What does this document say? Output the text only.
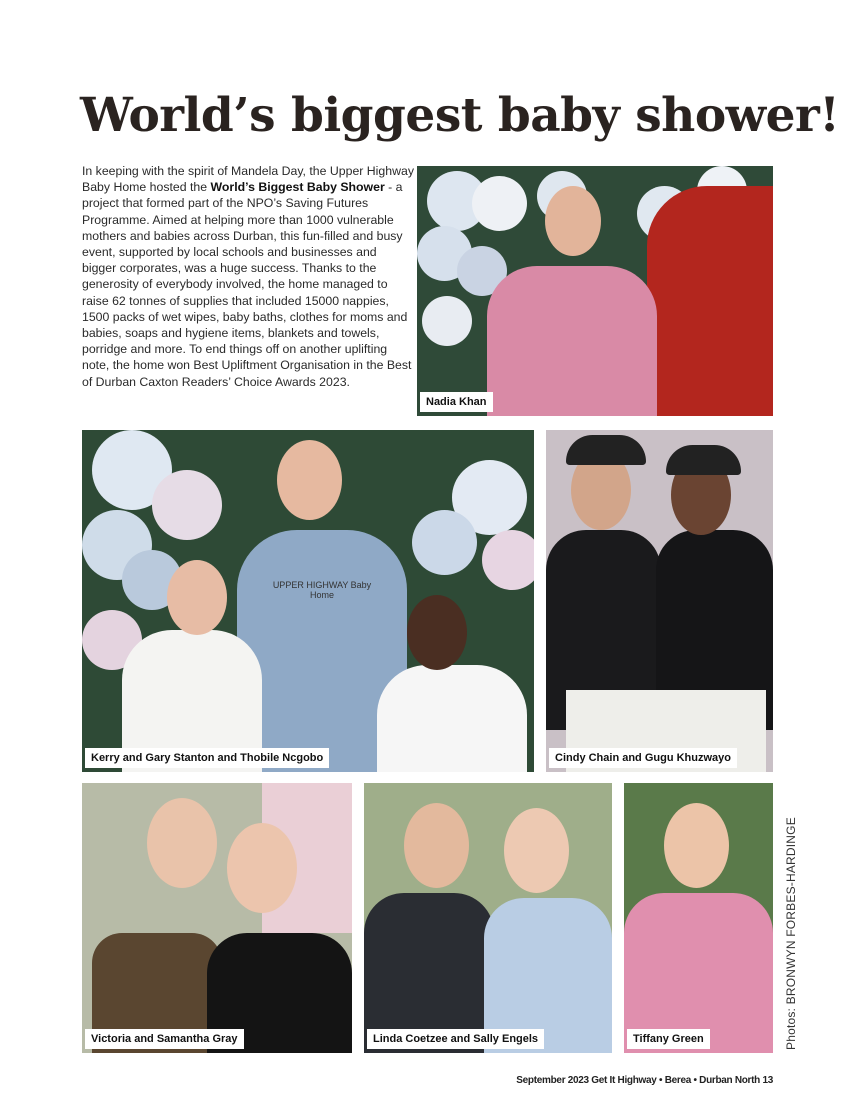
World’s biggest baby shower!

In keeping with the spirit of Mandela Day, the Upper Highway Baby Home hosted the World’s Biggest Baby Shower - a project that formed part of the NPO’s Saving Futures Programme. Aimed at helping more than 1000 vulnerable mothers and babies across Durban, this fun-filled and busy event, supported by local schools and businesses and bigger corporates, was a huge success. Thanks to the generosity of everybody involved, the home managed to raise 62 tonnes of supplies that included 15000 nappies, 1500 packs of wet wipes, baby baths, clothes for moms and babies, soaps and hygiene items, blankets and towels, porridge and more. To end things off on another uplifting note, the home won Best Upliftment Organisation in the Best of Durban Caxton Readers’ Choice Awards 2023.

Nadia Khan
UPPER HIGHWAY Baby Home
Kerry and Gary Stanton and Thobile Ncgobo	Cindy Chain and Gugu Khuzwayo
Victoria and Samantha Gray	Linda Coetzee and Sally Engels	Tiffany Green	Photos: BRONWYN FORBES-HARDINGE
September 2023 Get It Highway • Berea • Durban North 13
